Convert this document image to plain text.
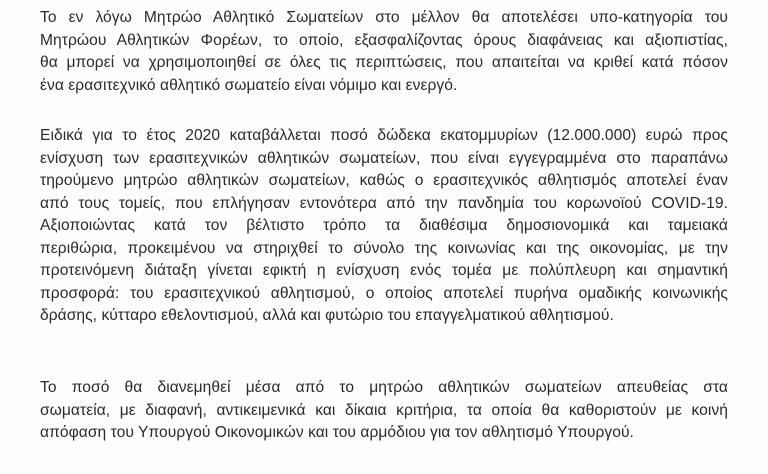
Το εν λόγω Μητρώο Αθλητικό Σωματείων στο μέλλον θα αποτελέσει υπο-κατηγορία του
Μητρώου Αθλητικών Φορέων, το οποίο, εξασφαλίζοντας όρους διαφάνειας και αξιοπιστίας,
θα μπορεί να χρησιμοποιηθεί σε όλες τις περιπτώσεις, που απαιτείται να κριθεί κατά πόσον
ένα ερασιτεχνικό αθλητικό σωματείο είναι νόμιμο και ενεργό.
Ειδικά για το έτος 2020 καταβάλλεται ποσό δώδεκα εκατομμυρίων (12.000.000) ευρώ προς
ενίσχυση των ερασιτεχνικών αθλητικών σωματείων, που είναι εγγεγραμμένα στο παραπάνω
τηρούμενο μητρώο αθλητικών σωματείων, καθώς ο ερασιτεχνικός αθλητισμός αποτελεί έναν
από τους τομείς, που επλήγησαν εντονότερα από την πανδημία του κορωνοϊού COVID-19.
Αξιοποιώντας κατά τον βέλτιστο τρόπο τα διαθέσιμα δημοσιονομικά και ταμειακά
περιθώρια, προκειμένου να στηριχθεί το σύνολο της κοινωνίας και της οικονομίας, με την
προτεινόμενη διάταξη γίνεται εφικτή η ενίσχυση ενός τομέα με πολύπλευρη και σημαντική
προσφορά: του ερασιτεχνικού αθλητισμού, ο οποίος αποτελεί πυρήνα ομαδικής κοινωνικής
δράσης, κύτταρο εθελοντισμού, αλλά και φυτώριο του επαγγελματικού αθλητισμού.
Το ποσό θα διανεμηθεί μέσα από το μητρώο αθλητικών σωματείων απευθείας στα
σωματεία, με διαφανή, αντικειμενικά και δίκαια κριτήρια, τα οποία θα καθοριστούν με κοινή
απόφαση του Υπουργού Οικονομικών και του αρμόδιου για τον αθλητισμό Υπουργού.
